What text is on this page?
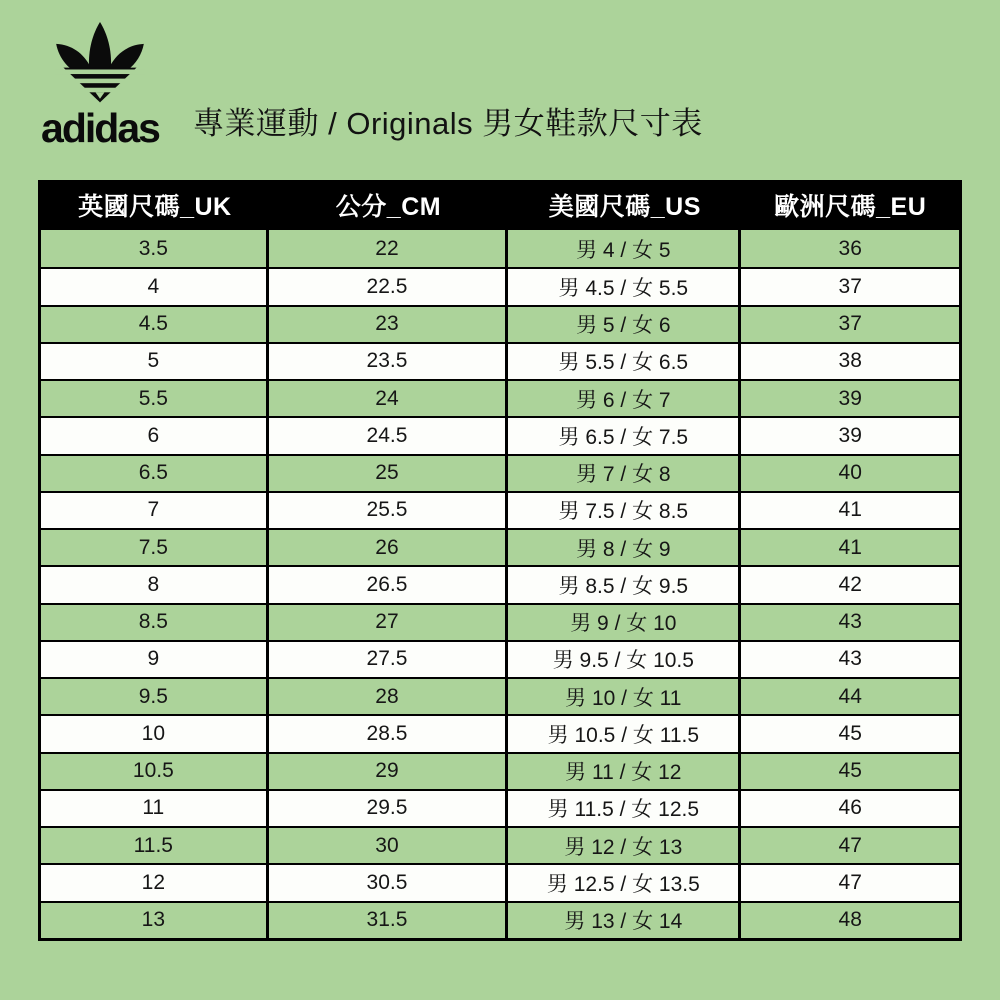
adidas 專業運動 / Originals 男女鞋款尺寸表
英國尺碼_UK	公分_CM	美國尺碼_US	歐洲尺碼_EU
3.5	22	男 4 / 女 5	36
4	22.5	男 4.5 / 女 5.5	37
4.5	23	男 5 / 女 6	37
5	23.5	男 5.5 / 女 6.5	38
5.5	24	男 6 / 女 7	39
6	24.5	男 6.5 / 女 7.5	39
6.5	25	男 7 / 女 8	40
7	25.5	男 7.5 / 女 8.5	41
7.5	26	男 8 / 女 9	41
8	26.5	男 8.5 / 女 9.5	42
8.5	27	男 9 / 女 10	43
9	27.5	男 9.5 / 女 10.5	43
9.5	28	男 10 / 女 11	44
10	28.5	男 10.5 / 女 11.5	45
10.5	29	男 11 / 女 12	45
11	29.5	男 11.5 / 女 12.5	46
11.5	30	男 12 / 女 13	47
12	30.5	男 12.5 / 女 13.5	47
13	31.5	男 13 / 女 14	48
